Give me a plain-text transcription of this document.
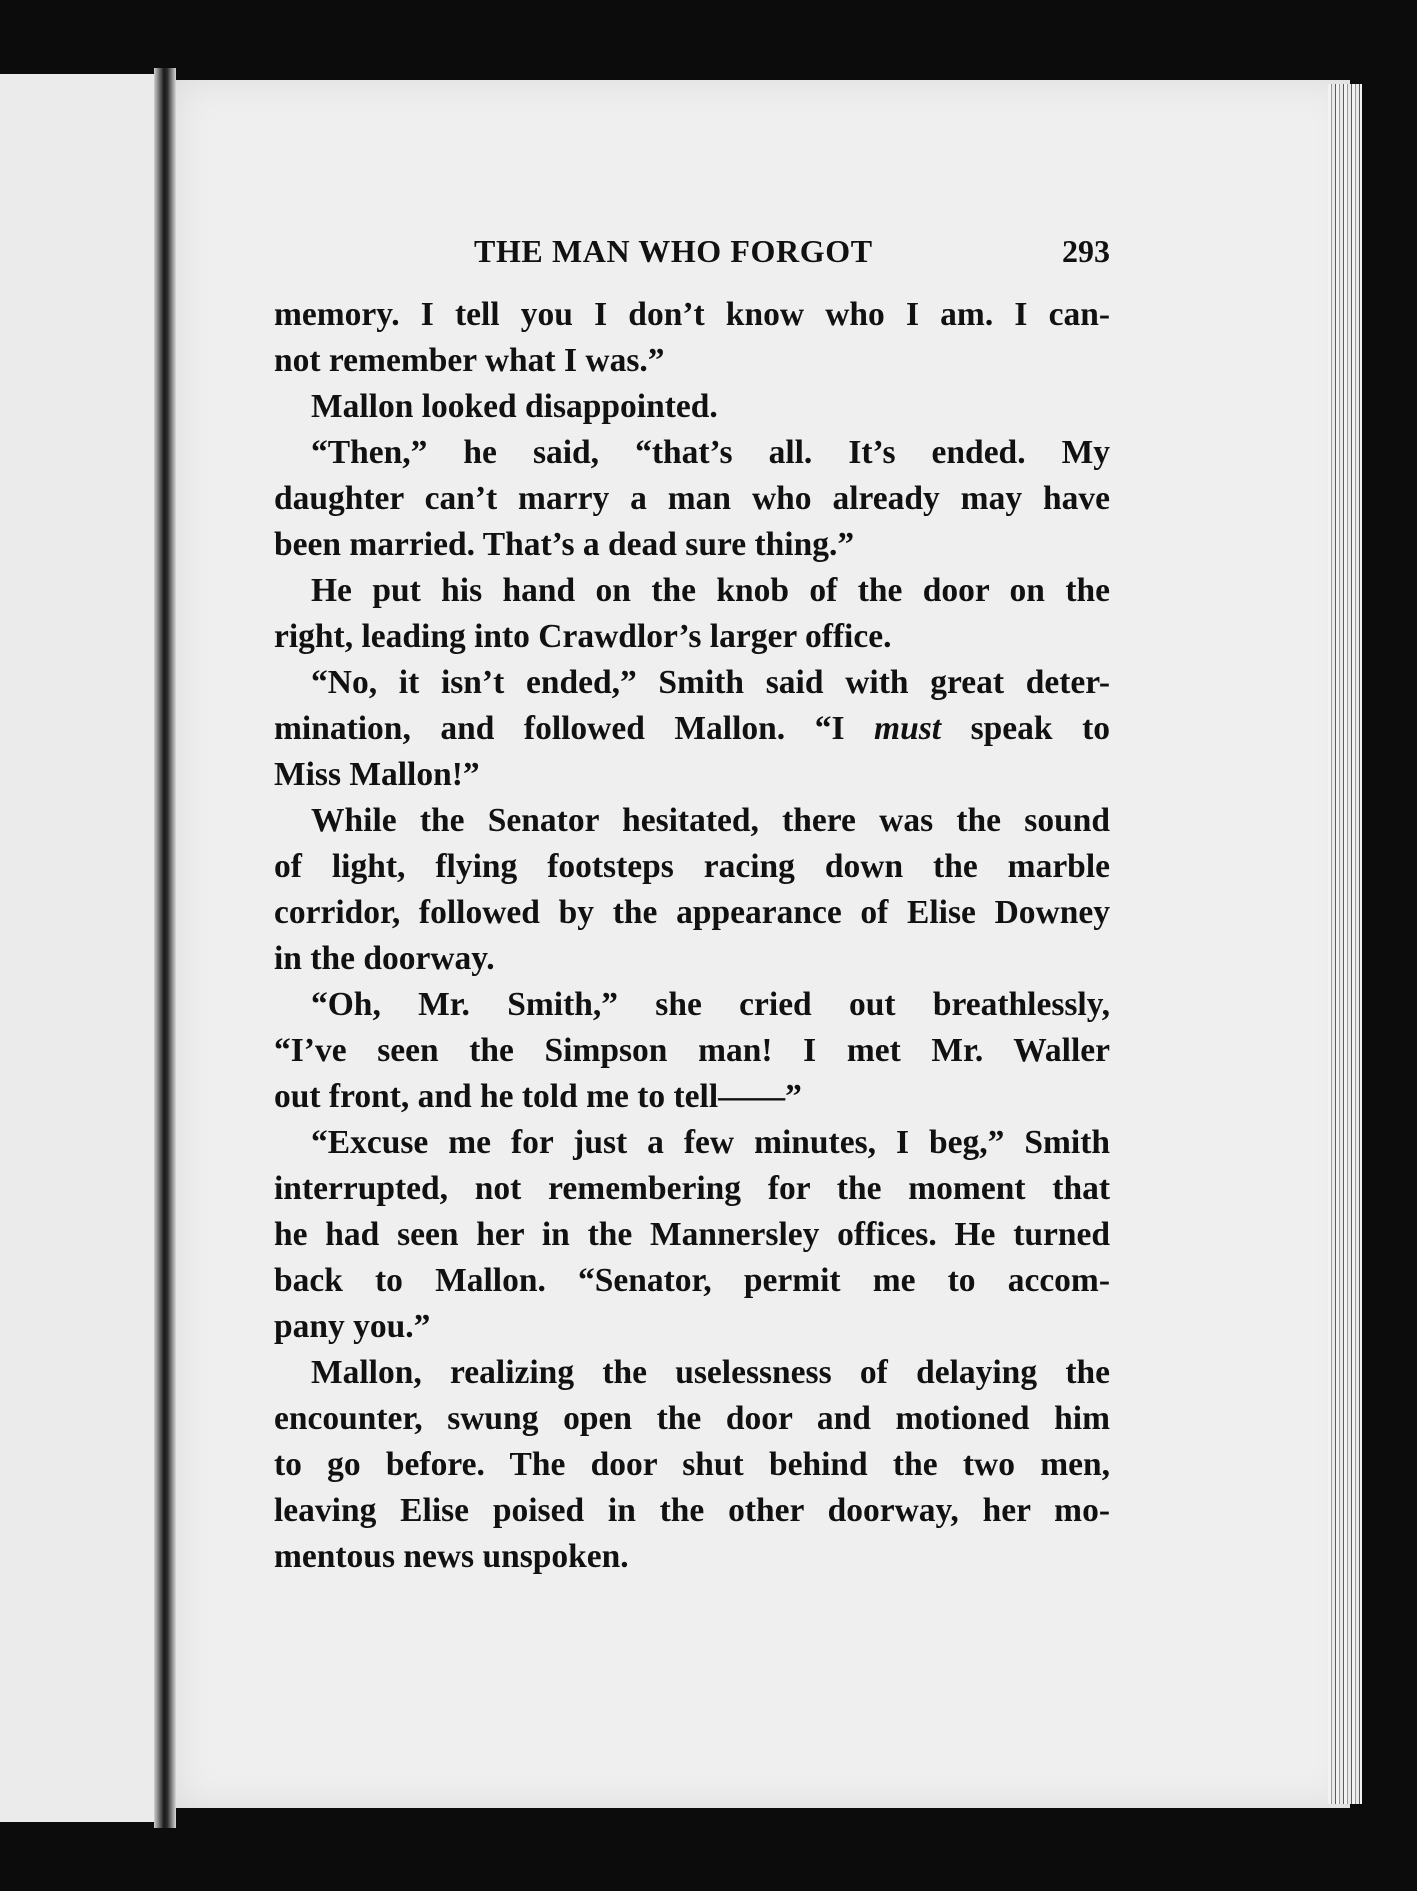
THE MAN WHO FORGOT	293
memory. I tell you I don’t know who I am. I can-
not remember what I was.”
Mallon looked disappointed.
“Then,” he said, “that’s all. It’s ended. My
daughter can’t marry a man who already may have
been married. That’s a dead sure thing.”
He put his hand on the knob of the door on the
right, leading into Crawdlor’s larger office.
“No, it isn’t ended,” Smith said with great deter-
mination, and followed Mallon. “I must speak to
Miss Mallon!”
While the Senator hesitated, there was the sound
of light, flying footsteps racing down the marble
corridor, followed by the appearance of Elise Downey
in the doorway.
“Oh, Mr. Smith,” she cried out breathlessly,
“I’ve seen the Simpson man! I met Mr. Waller
out front, and he told me to tell——”
“Excuse me for just a few minutes, I beg,” Smith
interrupted, not remembering for the moment that
he had seen her in the Mannersley offices. He turned
back to Mallon. “Senator, permit me to accom-
pany you.”
Mallon, realizing the uselessness of delaying the
encounter, swung open the door and motioned him
to go before. The door shut behind the two men,
leaving Elise poised in the other doorway, her mo-
mentous news unspoken.
